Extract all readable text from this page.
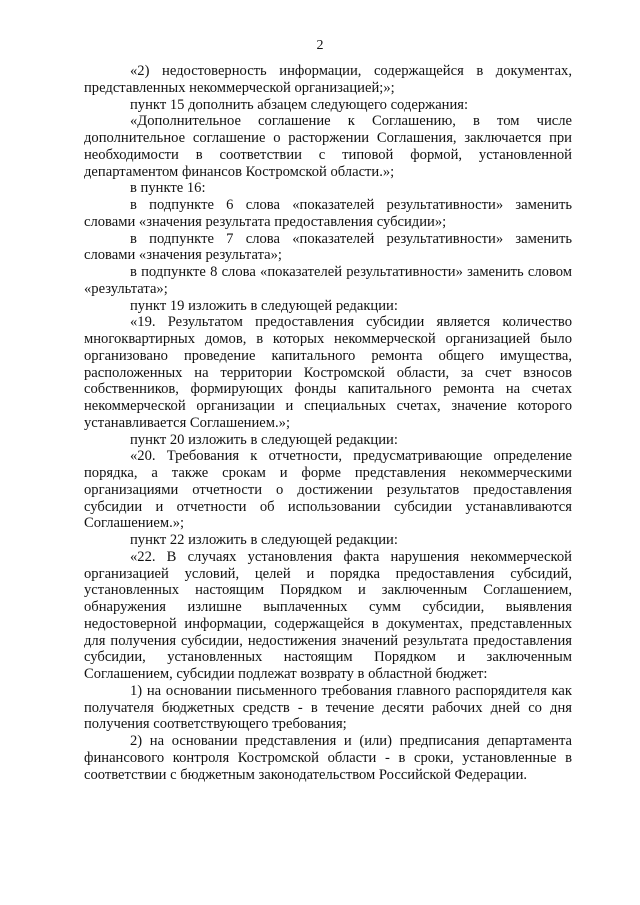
2

«2) недостоверность информации, содержащейся в документах, представленных некоммерческой организацией;»;

пункт 15 дополнить абзацем следующего содержания:

«Дополнительное соглашение к Соглашению, в том числе дополнительное соглашение о расторжении Соглашения, заключается при необходимости в соответствии с типовой формой, установленной департаментом финансов Костромской области.»;

в пункте 16:

в подпункте 6 слова «показателей результативности» заменить словами «значения результата предоставления субсидии»;

в подпункте 7 слова «показателей результативности» заменить словами «значения результата»;

в подпункте 8 слова «показателей результативности» заменить словом «результата»;

пункт 19 изложить в следующей редакции:

«19. Результатом предоставления субсидии является количество многоквартирных домов, в которых некоммерческой организацией было организовано проведение капитального ремонта общего имущества, расположенных на территории Костромской области, за счет взносов собственников, формирующих фонды капитального ремонта на счетах некоммерческой организации и специальных счетах, значение которого устанавливается Соглашением.»;

пункт 20 изложить в следующей редакции:

«20. Требования к отчетности, предусматривающие определение порядка, а также срокам и форме представления некоммерческими организациями отчетности о достижении результатов предоставления субсидии и отчетности об использовании субсидии устанавливаются Соглашением.»;

пункт 22 изложить в следующей редакции:

«22. В случаях установления факта нарушения некоммерческой организацией условий, целей и порядка предоставления субсидий, установленных настоящим Порядком и заключенным Соглашением, обнаружения излишне выплаченных сумм субсидии, выявления недостоверной информации, содержащейся в документах, представленных для получения субсидии, недостижения значений результата предоставления субсидии, установленных настоящим Порядком и заключенным Соглашением, субсидии подлежат возврату в областной бюджет:

1) на основании письменного требования главного распорядителя как получателя бюджетных средств - в течение десяти рабочих дней со дня получения соответствующего требования;

2) на основании представления и (или) предписания департамента финансового контроля Костромской области - в сроки, установленные в соответствии с бюджетным законодательством Российской Федерации.
